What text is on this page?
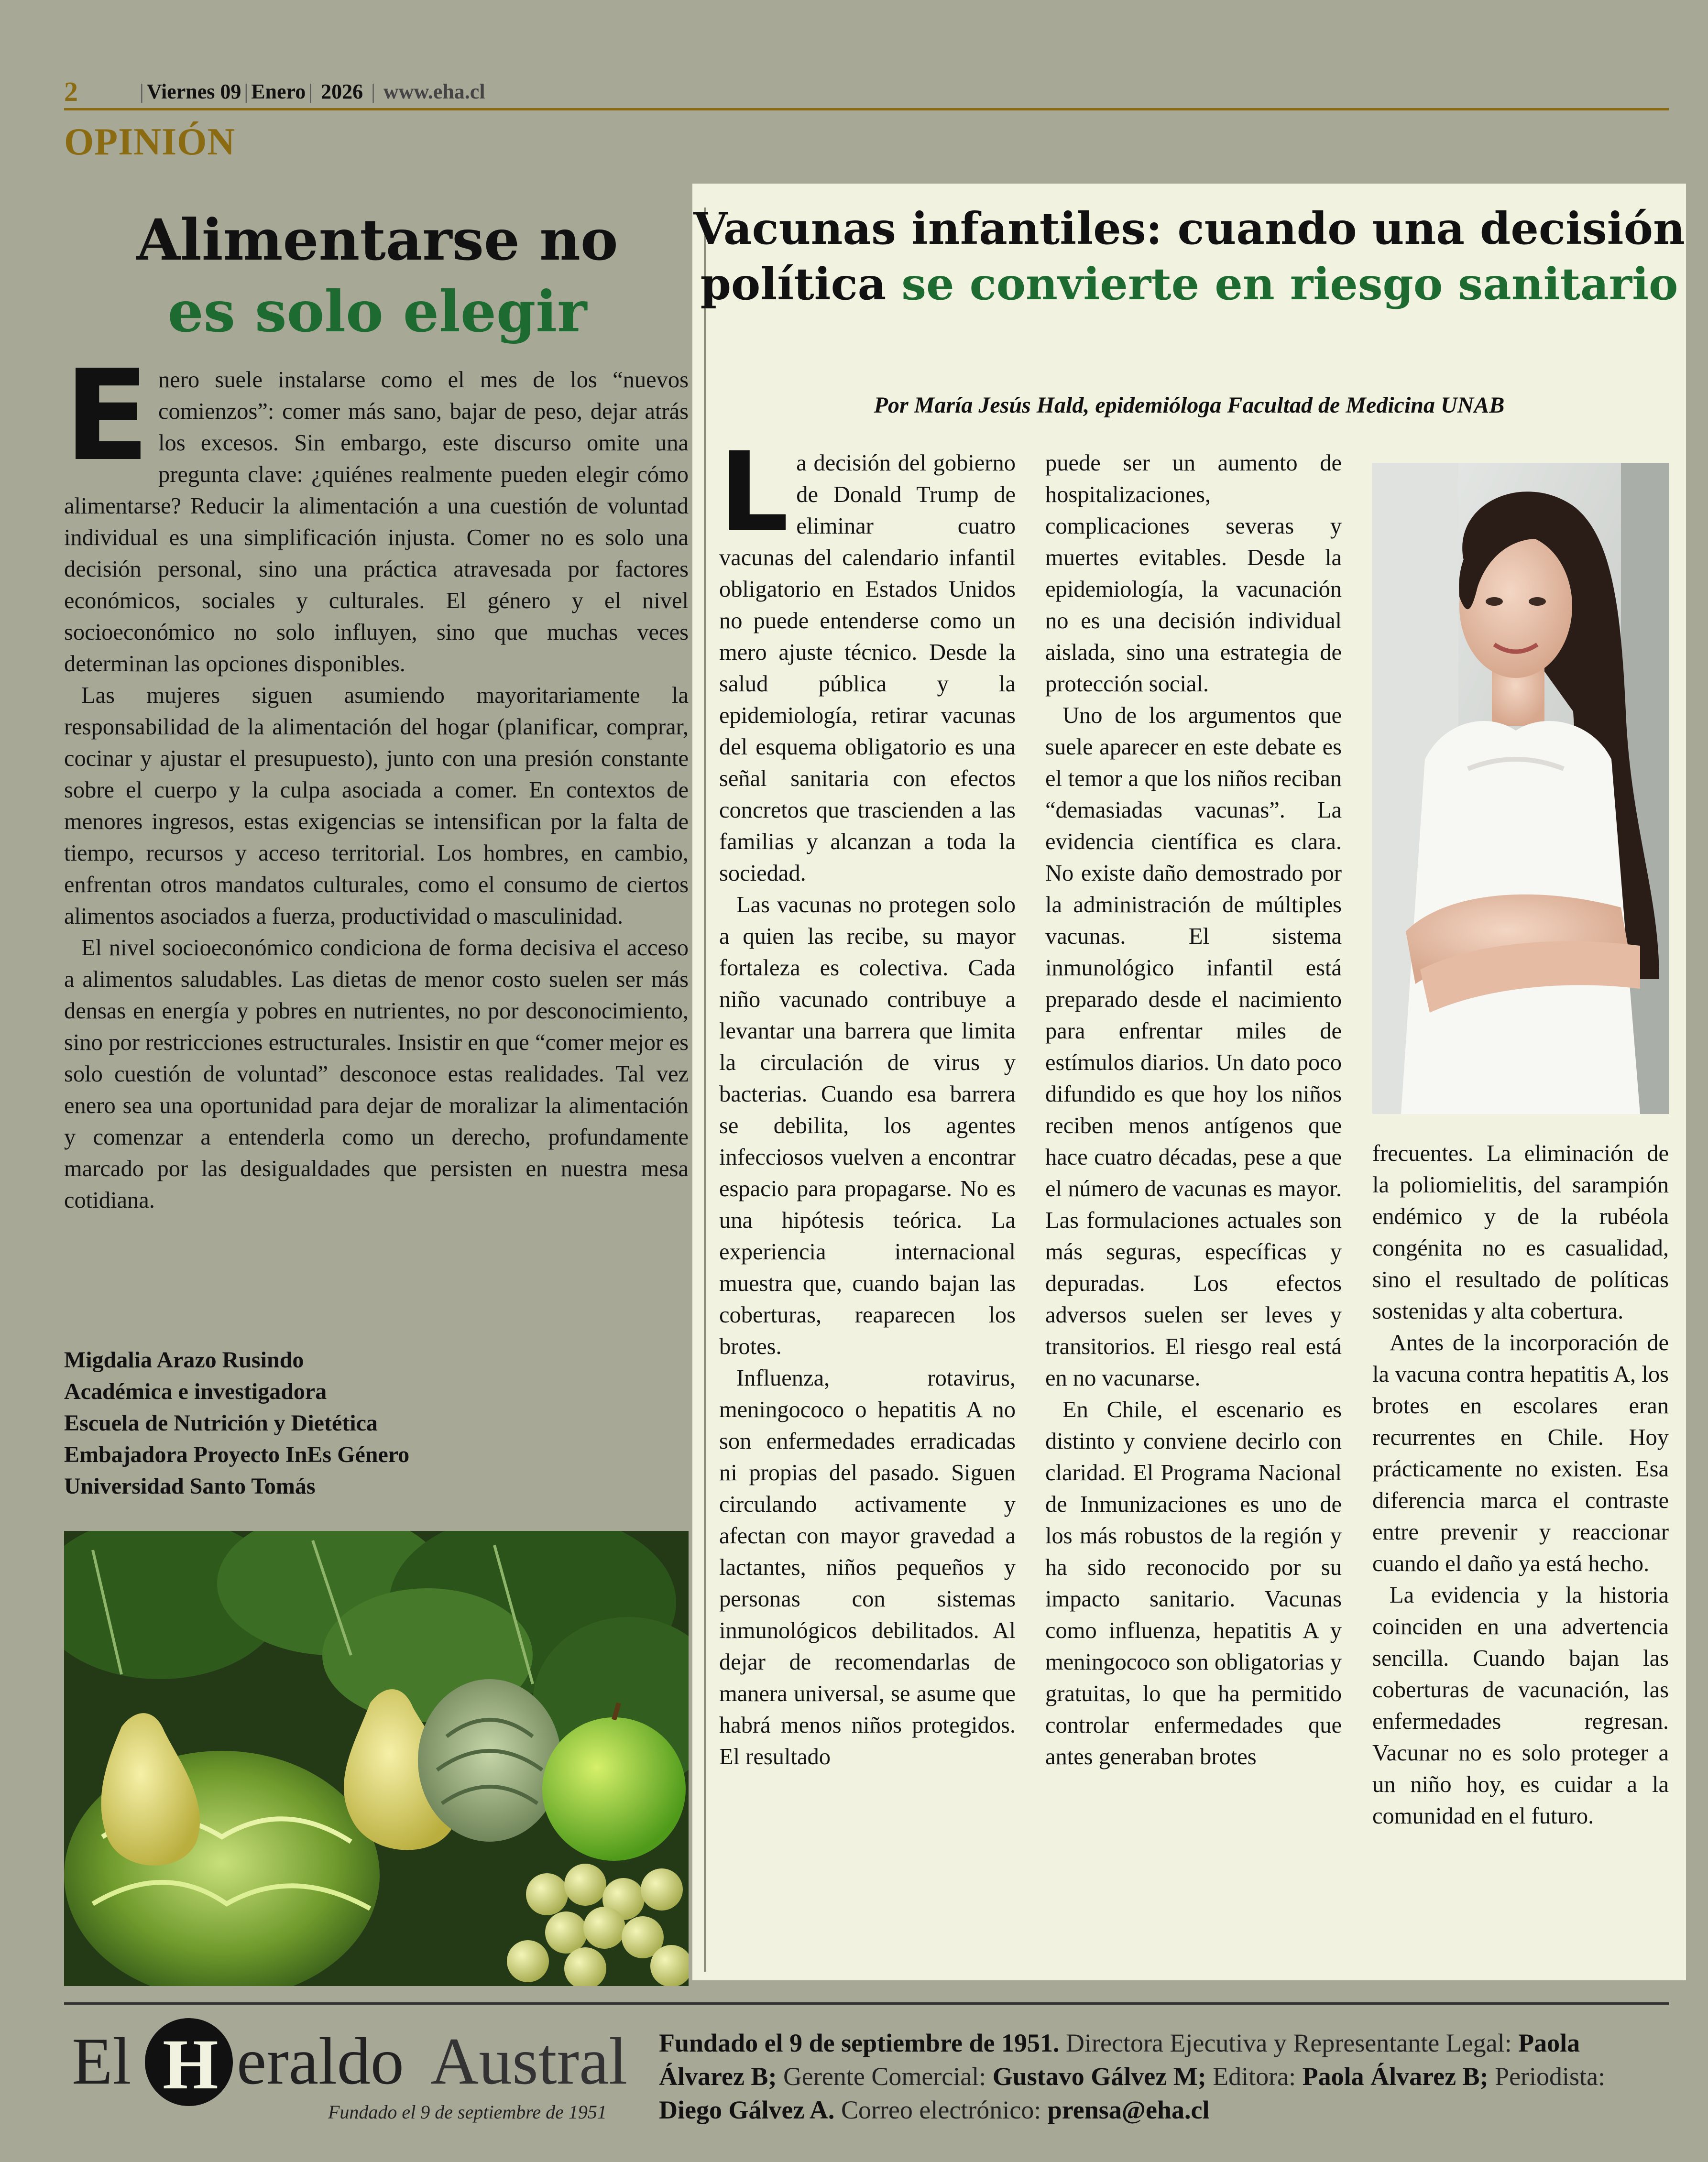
2	| Viernes 09 | Enero | 2026 | www.eha.cl
OPINIÓN
Alimentarse no
es solo elegir

Enero suele instalarse como el mes de los “nuevos comienzos”: comer más sano, bajar de peso, dejar atrás los excesos. Sin embargo, este discurso omite una pregunta clave: ¿quiénes realmente pueden elegir cómo alimentarse? Reducir la alimentación a una cuestión de voluntad individual es una simplificación injusta. Comer no es solo una decisión personal, sino una práctica atravesada por factores económicos, sociales y culturales. El género y el nivel socioeconómico no solo influyen, sino que muchas veces determinan las opciones disponibles.

Las mujeres siguen asumiendo mayoritariamente la responsabilidad de la alimentación del hogar (planificar, comprar, cocinar y ajustar el presupuesto), junto con una presión constante sobre el cuerpo y la culpa asociada a comer. En contextos de menores ingresos, estas exigencias se intensifican por la falta de tiempo, recursos y acceso territorial. Los hombres, en cambio, enfrentan otros mandatos culturales, como el consumo de ciertos alimentos asociados a fuerza, productividad o masculinidad.

El nivel socioeconómico condiciona de forma decisiva el acceso a alimentos saludables. Las dietas de menor costo suelen ser más densas en energía y pobres en nutrientes, no por desconocimiento, sino por restricciones estructurales. Insistir en que “comer mejor es solo cuestión de voluntad” desconoce estas realidades. Tal vez enero sea una oportunidad para dejar de moralizar la alimentación y comenzar a entenderla como un derecho, profundamente marcado por las desigualdades que persisten en nuestra mesa cotidiana.

Migdalia Arazo Rusindo
Académica e investigadora
Escuela de Nutrición y Dietética
Embajadora Proyecto InEs Género
Universidad Santo Tomás
Vacunas infantiles: cuando una decisión política se convierte en riesgo sanitario
Por María Jesús Hald, epidemióloga Facultad de Medicina UNAB

La decisión del gobierno de Donald Trump de eliminar cuatro vacunas del calendario infantil obligatorio en Estados Unidos no puede entenderse como un mero ajuste técnico. Desde la salud pública y la epidemiología, retirar vacunas del esquema obligatorio es una señal sanitaria con efectos concretos que trascienden a las familias y alcanzan a toda la sociedad.

Las vacunas no protegen solo a quien las recibe, su mayor fortaleza es colectiva. Cada niño vacunado contribuye a levantar una barrera que limita la circulación de virus y bacterias. Cuando esa barrera se debilita, los agentes infecciosos vuelven a encontrar espacio para propagarse. No es una hipótesis teórica. La experiencia internacional muestra que, cuando bajan las coberturas, reaparecen los brotes.

Influenza, rotavirus, meningococo o hepatitis A no son enfermedades erradicadas ni propias del pasado. Siguen circulando activamente y afectan con mayor gravedad a lactantes, niños pequeños y personas con sistemas inmunológicos debilitados. Al dejar de recomendarlas de manera universal, se asume que habrá menos niños protegidos. El resultado

puede ser un aumento de hospitalizaciones, complicaciones severas y muertes evitables. Desde la epidemiología, la vacunación no es una decisión individual aislada, sino una estrategia de protección social.

Uno de los argumentos que suele aparecer en este debate es el temor a que los niños reciban “demasiadas vacunas”. La evidencia científica es clara. No existe daño demostrado por la administración de múltiples vacunas. El sistema inmunológico infantil está preparado desde el nacimiento para enfrentar miles de estímulos diarios. Un dato poco difundido es que hoy los niños reciben menos antígenos que hace cuatro décadas, pese a que el número de vacunas es mayor. Las formulaciones actuales son más seguras, específicas y depuradas. Los efectos adversos suelen ser leves y transitorios. El riesgo real está en no vacunarse.

En Chile, el escenario es distinto y conviene decirlo con claridad. El Programa Nacional de Inmunizaciones es uno de los más robustos de la región y ha sido reconocido por su impacto sanitario. Vacunas como influenza, hepatitis A y meningococo son obligatorias y gratuitas, lo que ha permitido controlar enfermedades que antes generaban brotes

frecuentes. La eliminación de la poliomielitis, del sarampión endémico y de la rubéola congénita no es casualidad, sino el resultado de políticas sostenidas y alta cobertura.

Antes de la incorporación de la vacuna contra hepatitis A, los brotes en escolares eran recurrentes en Chile. Hoy prácticamente no existen. Esa diferencia marca el contraste entre prevenir y reaccionar cuando el daño ya está hecho.

La evidencia y la historia coinciden en una advertencia sencilla. Cuando bajan las coberturas de vacunación, las enfermedades regresan. Vacunar no es solo proteger a un niño hoy, es cuidar a la comunidad en el futuro.

El H eraldo Austral
Fundado el 9 de septiembre de 1951
Fundado el 9 de septiembre de 1951. Directora Ejecutiva y Representante Legal: Paola Álvarez B; Gerente Comercial: Gustavo Gálvez M; Editora: Paola Álvarez B; Periodista: Diego Gálvez A. Correo electrónico: prensa@eha.cl
